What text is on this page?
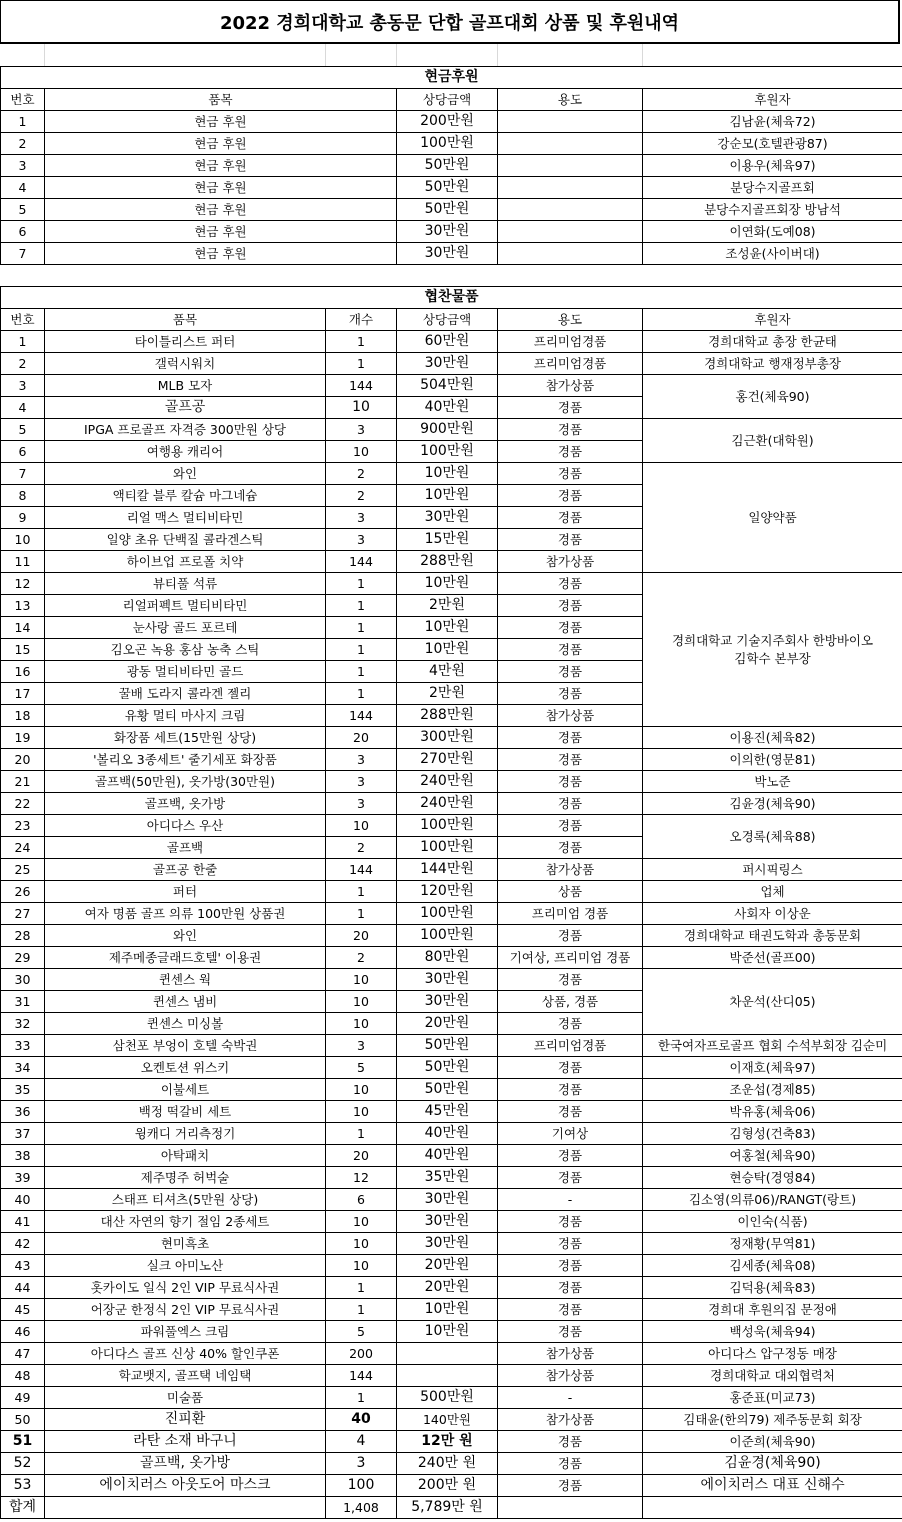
2022 경희대학교 총동문 단합 골프대회 상품 및 후원내역
현금후원				
번호	품목	상당금액	용도	후원자
1	현금 후원	200만원		김남윤(체육72)
2	현금 후원	100만원		강순모(호텔관광87)
3	현금 후원	50만원		이용우(체육97)
4	현금 후원	50만원		분당수지골프회
5	현금 후원	50만원		분당수지골프회장 방남석
6	현금 후원	30만원		이연화(도예08)
7	현금 후원	30만원		조성윤(사이버대)
협찬물품					
번호	품목	개수	상당금액	용도	후원자
1	타이틀리스트 퍼터	1	60만원	프리미엄경품	경희대학교 총장 한균태
2	갤럭시워치	1	30만원	프리미엄경품	경희대학교 행재정부총장
3	MLB 모자	144	504만원	참가상품	홍건(체육90)
4	골프공	10	40만원	경품	
5	IPGA 프로골프 자격증 300만원 상당	3	900만원	경품	김근환(대학원)
6	여행용 캐리어	10	100만원	경품	
7	와인	2	10만원	경품	일양약품
8	액티칼 블루 칼슘 마그네슘	2	10만원	경품	
9	리얼 맥스 멀티비타민	3	30만원	경품	
10	일양 초유 단백질 콜라겐스틱	3	15만원	경품	
11	하이브업 프로폴 치약	144	288만원	참가상품	
12	뷰티풀 석류	1	10만원	경품	경희대학교 기술지주회사 한방바이오
김학수 본부장
13	리얼퍼펙트 멀티비타민	1	2만원	경품	
14	눈사랑 골드 포르테	1	10만원	경품	
15	김오곤 녹용 홍삼 농축 스틱	1	10만원	경품	
16	광동 멀티비타민 골드	1	4만원	경품	
17	꿀배 도라지 콜라겐 젤리	1	2만원	경품	
18	유황 멀티 마사지 크림	144	288만원	참가상품	
19	화장품 세트(15만원 상당)	20	300만원	경품	이용진(체육82)
20	'볼리오 3종세트' 줄기세포 화장품	3	270만원	경품	이의한(영문81)
21	골프백(50만원), 옷가방(30만원)	3	240만원	경품	박노준
22	골프백, 옷가방	3	240만원	경품	김윤경(체육90)
23	아디다스 우산	10	100만원	경품	오경록(체육88)
24	골프백	2	100만원	경품	
25	골프공 한줄	144	144만원	참가상품	퍼시픽링스
26	퍼터	1	120만원	상품	업체
27	여자 명품 골프 의류 100만원 상품권	1	100만원	프리미엄 경품	사회자 이상운
28	와인	20	100만원	경품	경희대학교 태권도학과 총동문회
29	제주메종글래드호텔' 이용권	2	80만원	기여상, 프리미엄 경품	박준선(골프00)
30	퀸센스 웍	10	30만원	경품	차운석(산디05)
31	퀸센스 냄비	10	30만원	상품, 경품	
32	퀸센스 미싱볼	10	20만원	경품	
33	삼천포 부엉이 호텔 숙박권	3	50만원	프리미엄경품	한국여자프로골프 협회 수석부회장 김순미
34	오켄토션 위스키	5	50만원	경품	이재호(체육97)
35	이불세트	10	50만원	경품	조운섭(경제85)
36	백정 떡갈비 세트	10	45만원	경품	박유홍(체육06)
37	윙캐디 거리측정기	1	40만원	기여상	김형성(건축83)
38	아탁패치	20	40만원	경품	여홍철(체육90)
39	제주명주 허벅술	12	35만원	경품	현승탁(경영84)
40	스태프 티셔츠(5만원 상당)	6	30만원	-	김소영(의류06)/RANGT(랑트)
41	대산 자연의 향기 절임 2종세트	10	30만원	경품	이인숙(식품)
42	현미흑초	10	30만원	경품	정재황(무역81)
43	실크 아미노산	10	20만원	경품	김세종(체육08)
44	홋카이도 일식 2인 VIP 무료식사권	1	20만원	경품	김덕용(체육83)
45	어장군 한정식 2인 VIP 무료식사권	1	10만원	경품	경희대 후원의집 문정애
46	파워풀엑스 크림	5	10만원	경품	백성욱(체육94)
47	아디다스 골프 신상 40% 할인쿠폰	200		참가상품	아디다스 압구정동 매장
48	학교뱃지, 골프택 네임택	144		참가상품	경희대학교 대외협력처
49	미술품	1	500만원	-	홍준표(미교73)
50	진피환	40	140만원	참가상품	김태윤(한의79) 제주동문회 회장
51	라탄 소재 바구니	4	12만 원	경품	이준희(체육90)
52	골프백, 옷가방	3	240만 원	경품	김윤경(체육90)
53	에이치러스 아웃도어 마스크	100	200만 원	경품	에이치러스 대표 신해수
합계		1,408	5,789만 원		
